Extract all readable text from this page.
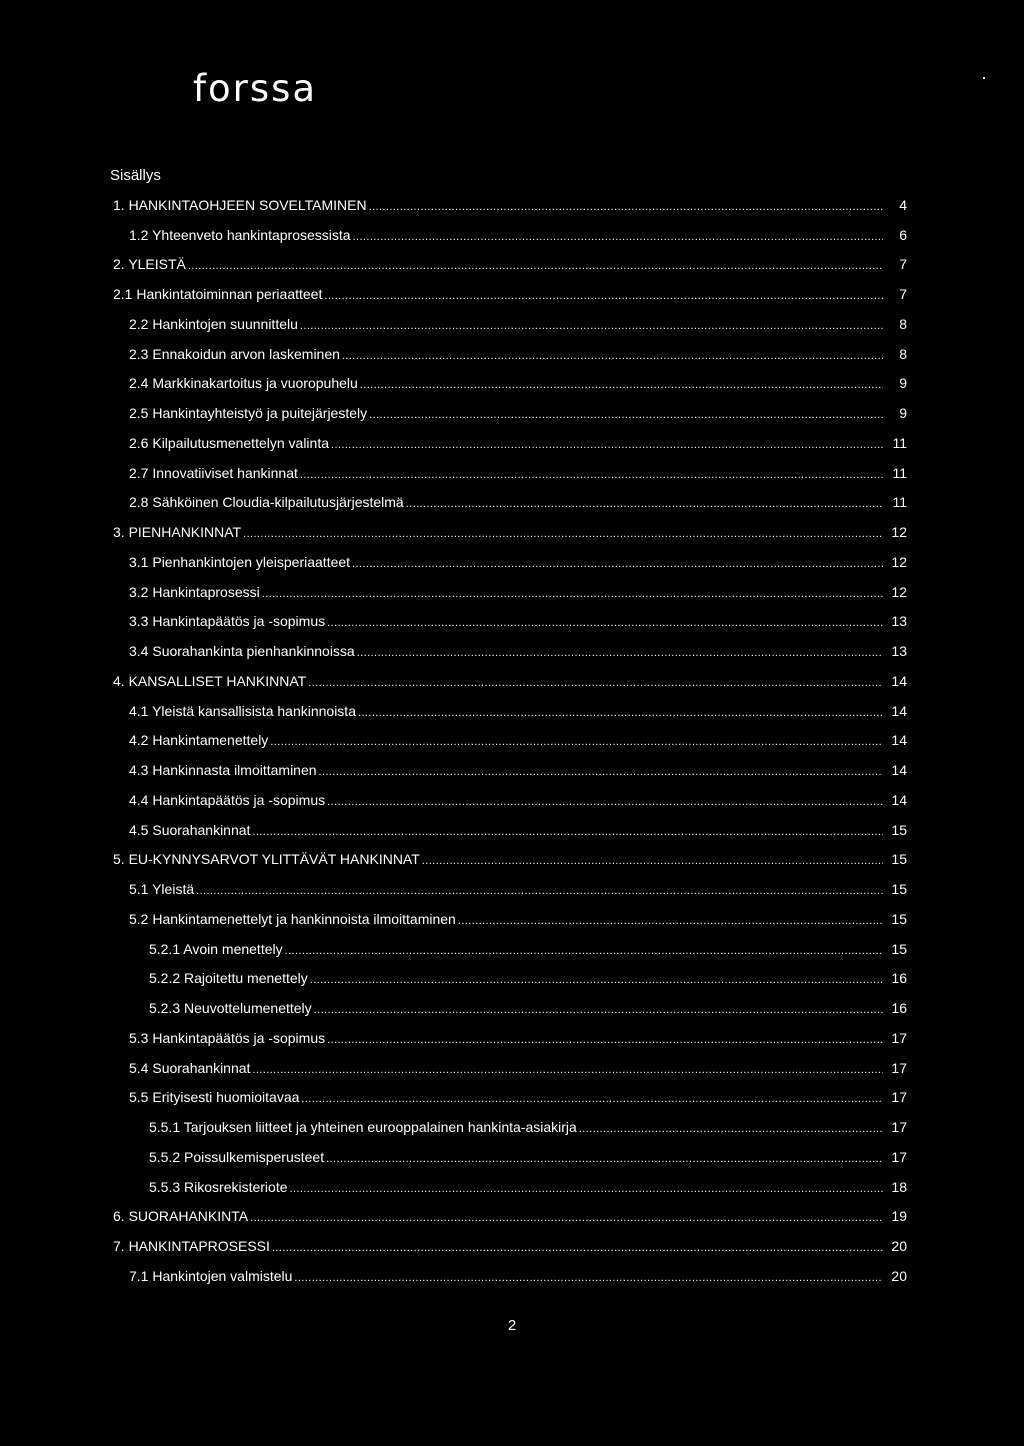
forssa
Sisällys
1. HANKINTAOHJEEN SOVELTAMINEN .....	4
1.2 Yhteenveto hankintaprosessista .....	6
2. YLEISTÄ .....	7
2.1 Hankintatoiminnan periaatteet .....	7
2.2 Hankintojen suunnittelu .....	8
2.3 Ennakoidun arvon laskeminen .....	8
2.4 Markkinakartoitus ja vuoropuhelu .....	9
2.5 Hankintayhteistyö ja puitejärjestely .....	9
2.6 Kilpailutusmenettelyn valinta .....	11
2.7 Innovatiiviset hankinnat .....	11
2.8 Sähköinen Cloudia-kilpailutusjärjestelmä .....	11
3. PIENHANKINNAT .....	12
3.1 Pienhankintojen yleisperiaatteet .....	12
3.2 Hankintaprosessi .....	12
3.3 Hankintapäätös ja -sopimus .....	13
3.4 Suorahankinta pienhankinnoissa .....	13
4. KANSALLISET HANKINNAT .....	14
4.1 Yleistä kansallisista hankinnoista .....	14
4.2 Hankintamenettely .....	14
4.3 Hankinnasta ilmoittaminen .....	14
4.4 Hankintapäätös ja -sopimus .....	14
4.5 Suorahankinnat .....	15
5. EU-KYNNYSARVOT YLITTÄVÄT HANKINNAT .....	15
5.1 Yleistä .....	15
5.2 Hankintamenettelyt ja hankinnoista ilmoittaminen .....	15
5.2.1 Avoin menettely .....	15
5.2.2 Rajoitettu menettely .....	16
5.2.3 Neuvottelumenettely .....	16
5.3 Hankintapäätös ja -sopimus .....	17
5.4 Suorahankinnat .....	17
5.5 Erityisesti huomioitavaa .....	17
5.5.1 Tarjouksen liitteet ja yhteinen eurooppalainen hankinta-asiakirja .....	17
5.5.2 Poissulkemisperusteet .....	17
5.5.3 Rikosrekisteriote .....	18
6. SUORAHANKINTA .....	19
7. HANKINTAPROSESSI .....	20
7.1 Hankintojen valmistelu .....	20
2
